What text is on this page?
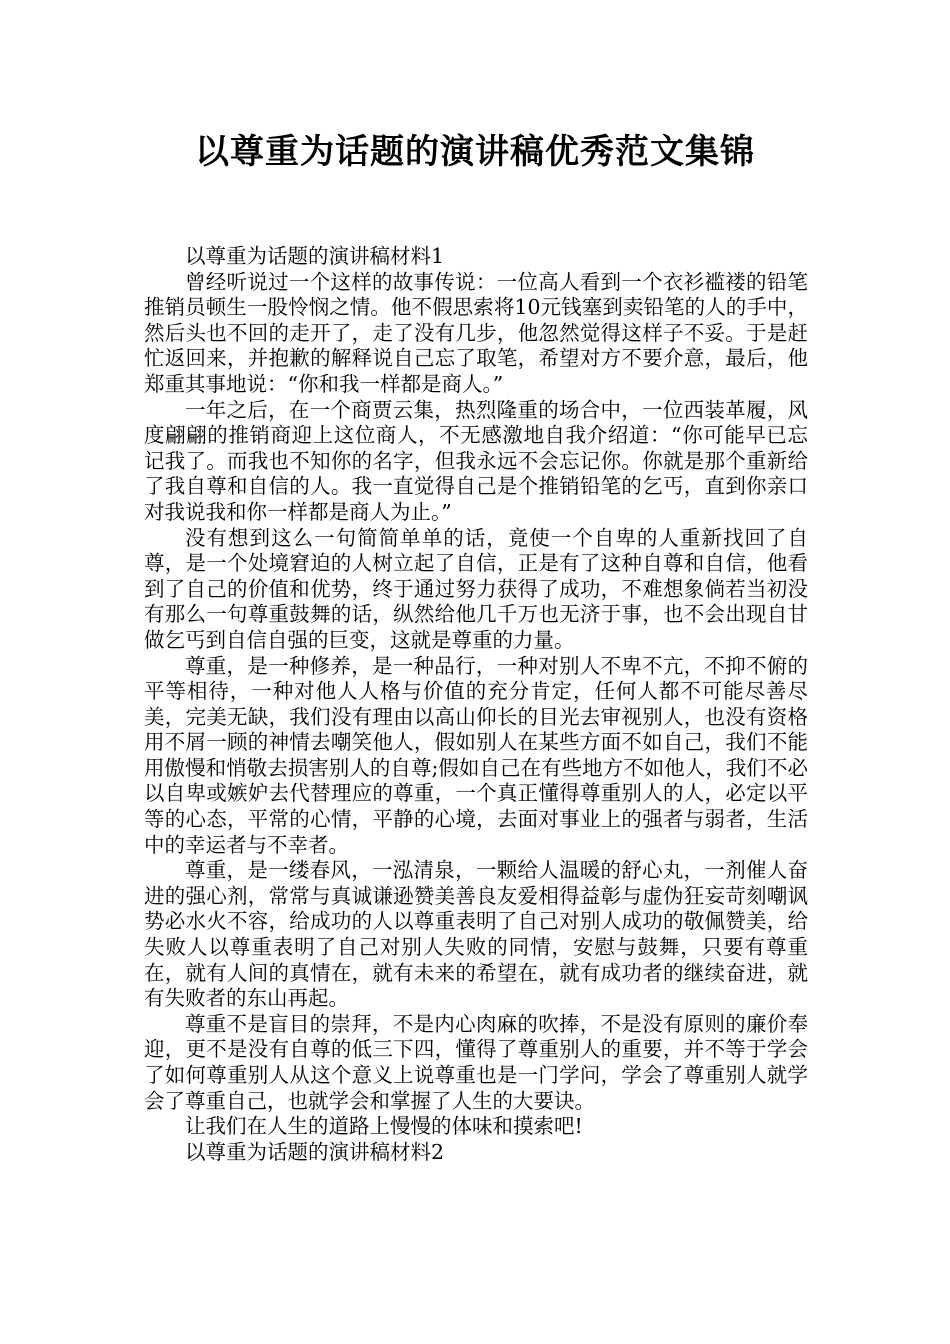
以尊重为话题的演讲稿优秀范文集锦

以尊重为话题的演讲稿材料1

曾经听说过一个这样的故事传说：一位高人看到一个衣衫褴褛的铅笔推销员顿生一股怜悯之情。他不假思索将10元钱塞到卖铅笔的人的手中，然后头也不回的走开了，走了没有几步，他忽然觉得这样子不妥。于是赶忙返回来，并抱歉的解释说自己忘了取笔，希望对方不要介意，最后，他郑重其事地说：“你和我一样都是商人。”

一年之后，在一个商贾云集，热烈隆重的场合中，一位西装革履，风度翩翩的推销商迎上这位商人，不无感激地自我介绍道：“你可能早已忘记我了。而我也不知你的名字，但我永远不会忘记你。你就是那个重新给了我自尊和自信的人。我一直觉得自己是个推销铅笔的乞丐，直到你亲口对我说我和你一样都是商人为止。”

没有想到这么一句简简单单的话，竟使一个自卑的人重新找回了自尊，是一个处境窘迫的人树立起了自信，正是有了这种自尊和自信，他看到了自己的价值和优势，终于通过努力获得了成功，不难想象倘若当初没有那么一句尊重鼓舞的话，纵然给他几千万也无济于事，也不会出现自甘做乞丐到自信自强的巨变，这就是尊重的力量。

尊重，是一种修养，是一种品行，一种对别人不卑不亢，不抑不俯的平等相待，一种对他人人格与价值的充分肯定，任何人都不可能尽善尽美，完美无缺，我们没有理由以高山仰长的目光去审视别人，也没有资格用不屑一顾的神情去嘲笑他人，假如别人在某些方面不如自己，我们不能用傲慢和悄敬去损害别人的自尊;假如自己在有些地方不如他人，我们不必以自卑或嫉妒去代替理应的尊重，一个真正懂得尊重别人的人，必定以平等的心态，平常的心情，平静的心境，去面对事业上的强者与弱者，生活中的幸运者与不幸者。

尊重，是一缕春风，一泓清泉，一颗给人温暖的舒心丸，一剂催人奋进的强心剂，常常与真诚谦逊赞美善良友爱相得益彰与虚伪狂妄苛刻嘲讽势必水火不容，给成功的人以尊重表明了自己对别人成功的敬佩赞美，给失败人以尊重表明了自己对别人失败的同情，安慰与鼓舞，只要有尊重在，就有人间的真情在，就有未来的希望在，就有成功者的继续奋进，就有失败者的东山再起。

尊重不是盲目的崇拜，不是内心肉麻的吹捧，不是没有原则的廉价奉迎，更不是没有自尊的低三下四，懂得了尊重别人的重要，并不等于学会了如何尊重别人从这个意义上说尊重也是一门学问，学会了尊重别人就学会了尊重自己，也就学会和掌握了人生的大要诀。

让我们在人生的道路上慢慢的体味和摸索吧!

以尊重为话题的演讲稿材料2
